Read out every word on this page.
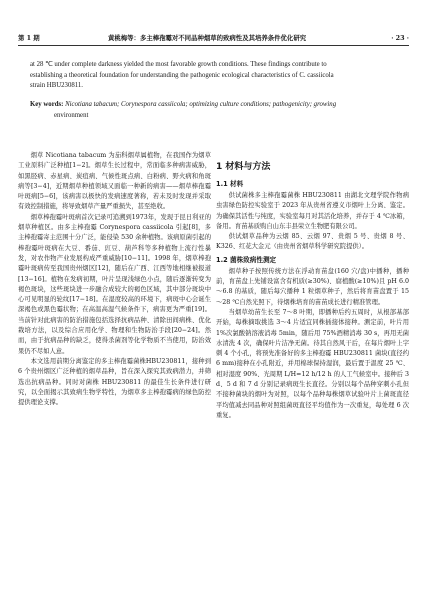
第 1 期	黄桃梅等：多主棒孢霉对不同品种烟草的致病性及其培养条件优化研究	· 23 ·
at 28 ℃ under complete darkness yielded the most favorable growth conditions. These findings contribute to
establishing a theoretical foundation for understanding the pathogenic ecological characteristics of C. cassiicola
strain HBU230811.
Key words: Nicotiana tabacum; Corynespora cassiicola; optimizing culture conditions; pathogenicity; growing
environment

烟草 Nicotiana tabacum 为茄科烟草属植物，在我国作为烟草工业原料广泛种植[1−2]。烟草生长过程中，常面临多种病害威胁，如黑胫病、赤星病、炭疽病、气候性斑点病、白粉病、野火病和角斑病等[3−4]，近期烟草种植领域又面临一种新的病害——烟草棒孢霉叶斑病[5−6]，该病害以极快的发病速度著称，若未及时发现并采取有效控制措施，将导致烟草产量严重损失，甚至绝收。

烟草棒孢霉叶斑病首次记录可追溯到1973年，发现于昆日利亚的烟草种植区。由多主棒孢霉 Corynespora cassiicola 引起[8]，多主棒孢霉寄主范围十分广泛，能侵染 530 余种植物。该病原菌引起的棒孢霉叶斑病在大豆、番茄、豇豆、葫芦科等多种植物上流行性暴发，对农作物产业发展构成严重威胁[10−11]。1998 年，烟草棒孢霉叶斑病传至我国贵州烟区[12]，随后在广西、江西等地相继被报道[13−16]。植物在发病初期，叶片呈现浅绿色小点，随后逐渐转变为褐色斑块，这些斑块进一步融合成较大的褐色区域，其中部分斑块中心可见明显的轮纹[17−18]。在湿度较高的环境下，病斑中心会诞生深褐色或黑色霉状物；在高温高湿气候条件下，病害更为严重[19]。当前针对此病害的防治措施包括选择抗病品种、清除田间病株、优化栽培方法，以及综合应用化学、物理和生物防治手段[20−24]。然而，由于抗病品种的缺乏，使得杀菌剂等化学物质不当使用，防治效果仍不尽如人意。

本文选用前期分离鉴定的多主棒孢霉菌株HBU230811，接种到 6 个贵州烟区广泛种植的烟草品种，旨在深入探究其致病潜力，并筛选出抗病品种。同时对菌株 HBU230811 的最佳生长条件进行研究，以全面揭示其致病生物学特性，为烟草多主棒孢霉病的绿色防控提供理论支撑。

1 材料与方法
1.1 材料

供试菌株多主棒孢霉菌株 HBU230811 由湖北文理学院作物病虫害绿色防控实验室于 2023 年从贵州省遵义市烟叶上分离、鉴定。为确保其活性与纯度，实验室每月对其活化培养，并存于 4 ℃冰箱，备用。育苗基质购自山东丰县荣立生物肥有限公司。

供试烟草品种为云烟 85、云烟 97、贵烟 5 号、贵烟 8 号、K326、红花大金元（由贵州省烟草科学研究院提供）。

1.2 菌株致病性测定

烟草种子按照传统方法在浮动育苗盘(160 穴/盘)中播种，播种前，育苗盘上先铺设富含有机质(≥30%)、腐植酸(≥10%)且 pH 6.0～6.8 的基质，随后每穴播种 1 粒烟草种子，然后将育苗盘置于 15～28 ℃自然光照下，待烟株培育的苗苗成长进行精准管理。

当烟草幼苗生长至 7～8 叶期，即播种后约五周时，从根部基部开始，每株摘取挑选 3～4 片适宜同株插接体接种。测定前，叶片用 1%次氯酸钠溶液消毒 5min，随后用 75%酒精消毒 30 s，再用无菌水清洗 4 次，确保叶片洁净无菌。待其自然风干后，在每片烟叶上字刺 4 个小孔，将预先准备好的多主棒孢霉 HBU230811 菌块(直径约 6 mm)接种在小孔附近，并用棉球保持湿润，最后置于温度 25 ℃、相对湿度 90%、光周期 L/H=12 h/12 h 的人工气候室中。接种后 3 d、5 d 和 7 d 分别记录病斑生长直径。分别以每个品种穿刺小孔但不接种菌块的烟叶为对照，以每个品种每株烟草试验叶片上菌斑直径平均值减去同品种对照组菌斑直径平均值作为一次重复，每处理 6 次重复。
